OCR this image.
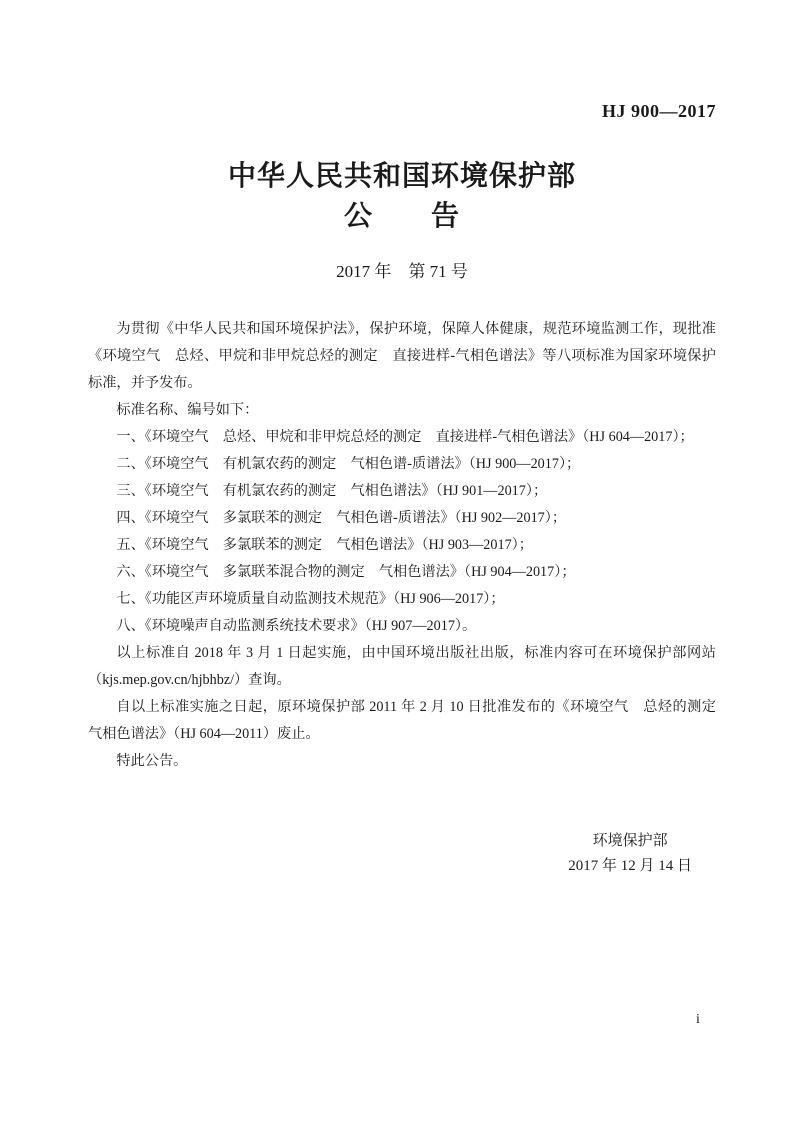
HJ 900—2017
中华人民共和国环境保护部
公　　告
2017 年　第 71 号

为贯彻《中华人民共和国环境保护法》，保护环境，保障人体健康，规范环境监测工作，现批准《环境空气　总烃、甲烷和非甲烷总烃的测定　直接进样-气相色谱法》等八项标准为国家环境保护标准，并予发布。

标准名称、编号如下：

一、《环境空气　总烃、甲烷和非甲烷总烃的测定　直接进样-气相色谱法》（HJ 604—2017）；
二、《环境空气　有机氯农药的测定　气相色谱-质谱法》（HJ 900—2017）；
三、《环境空气　有机氯农药的测定　气相色谱法》（HJ 901—2017）；
四、《环境空气　多氯联苯的测定　气相色谱-质谱法》（HJ 902—2017）；
五、《环境空气　多氯联苯的测定　气相色谱法》（HJ 903—2017）；
六、《环境空气　多氯联苯混合物的测定　气相色谱法》（HJ 904—2017）；
七、《功能区声环境质量自动监测技术规范》（HJ 906—2017）；
八、《环境噪声自动监测系统技术要求》（HJ 907—2017）。

以上标准自 2018 年 3 月 1 日起实施，由中国环境出版社出版，标准内容可在环境保护部网站（kjs.mep.gov.cn/hjbhbz/）查询。

自以上标准实施之日起，原环境保护部 2011 年 2 月 10 日批准发布的《环境空气　总烃的测定　气相色谱法》（HJ 604—2011）废止。

特此公告。

环境保护部
2017 年 12 月 14 日
i
